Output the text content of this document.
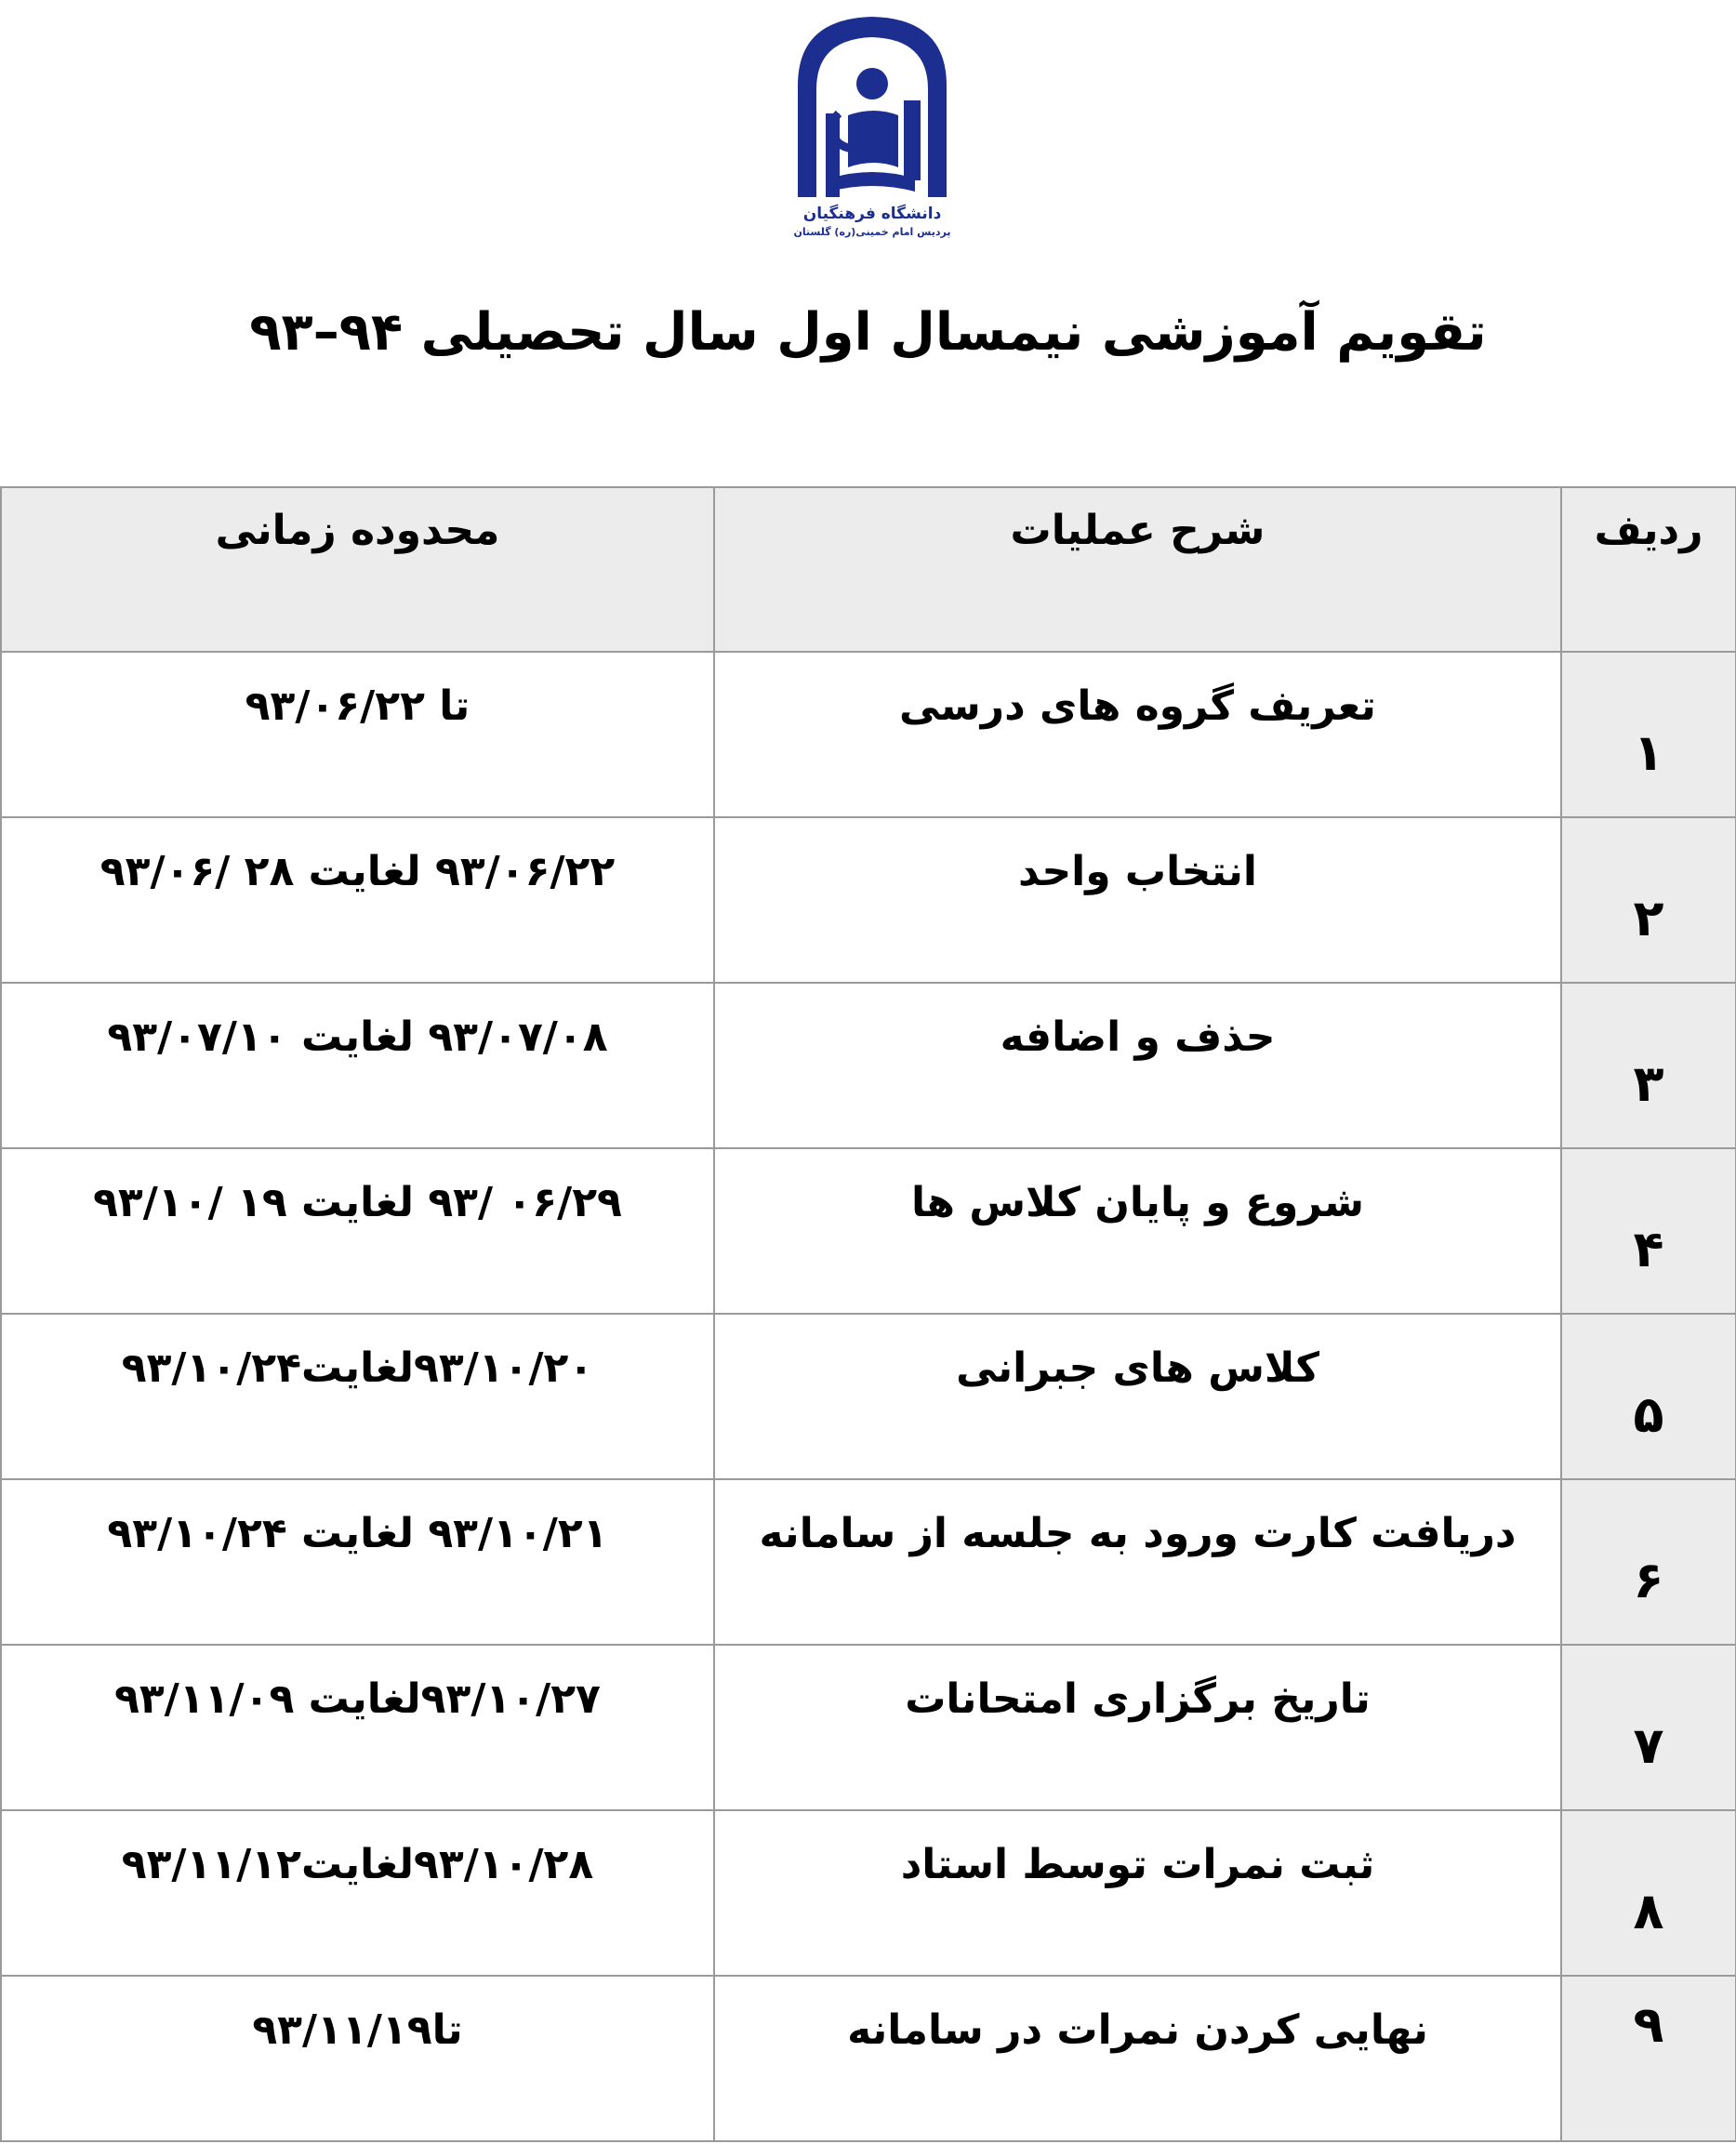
دانشگاه فرهنگیان
پردیس امام خمینی(ره) گلستان
تقویم آموزشی نیمسال اول سال تحصیلی ۹۴–۹۳
ردیف	شرح عملیات	محدوده زمانی

۱	تعریف گروه های درسی	تا ۹۳/۰۶/۲۲

۲	انتخاب واحد	۹۳/۰۶/۲۲ لغایت ۲۸ /۹۳/۰۶

۳	حذف و اضافه	۹۳/۰۷/۰۸ لغایت ۹۳/۰۷/۱۰

۴	شروع و پایان کلاس ها	۰۶/۲۹ /۹۳ لغایت ۱۹ /۹۳/۱۰

۵	کلاس های جبرانی	۹۳/۱۰/۲۰لغایت۹۳/۱۰/۲۴

۶	دریافت کارت ورود به جلسه از سامانه	۹۳/۱۰/۲۱ لغایت ۹۳/۱۰/۲۴

۷	تاریخ برگزاری امتحانات	۹۳/۱۰/۲۷لغایت ۹۳/۱۱/۰۹

۸	ثبت نمرات توسط استاد	۹۳/۱۰/۲۸لغایت۹۳/۱۱/۱۲

۹	نهایی کردن نمرات در سامانه	تا۹۳/۱۱/۱۹
